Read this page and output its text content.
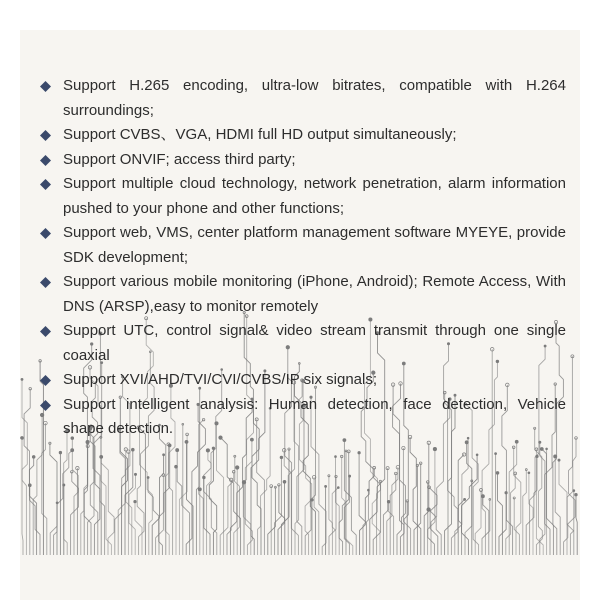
Support H.265 encoding, ultra-low bitrates, compatible with H.264 surroundings;
Support CVBS、VGA, HDMI full HD output simultaneously;
Support ONVIF; access third party;
Support multiple cloud technology, network penetration, alarm information pushed to your phone and other functions;
Support web, VMS, center platform management software MYEYE, provide SDK development;
Support various mobile monitoring (iPhone, Android); Remote Access, With DNS (ARSP),easy to monitor remotely
Support UTC, control signal& video stream transmit through one single coaxial
Support XVI/AHD/TVI/CVI/CVBS/IP six signals;
Support intelligent analysis: Human detection, face detection, Vehicle shape detection.
